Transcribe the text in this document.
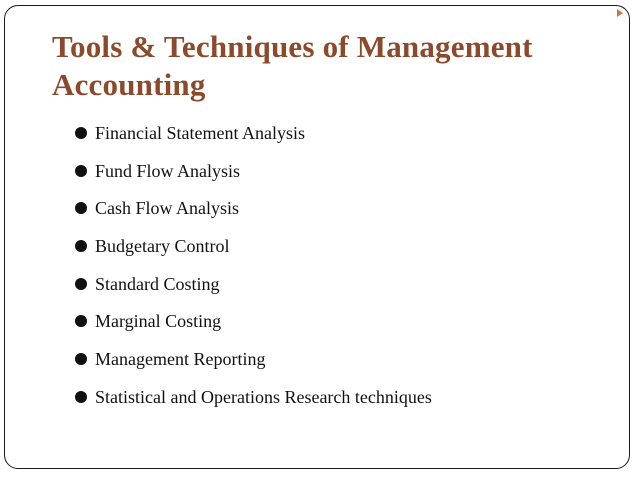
Tools & Techniques of Management Accounting
Financial Statement Analysis
Fund Flow Analysis
Cash Flow Analysis
Budgetary Control
Standard Costing
Marginal Costing
Management Reporting
Statistical and Operations Research techniques
